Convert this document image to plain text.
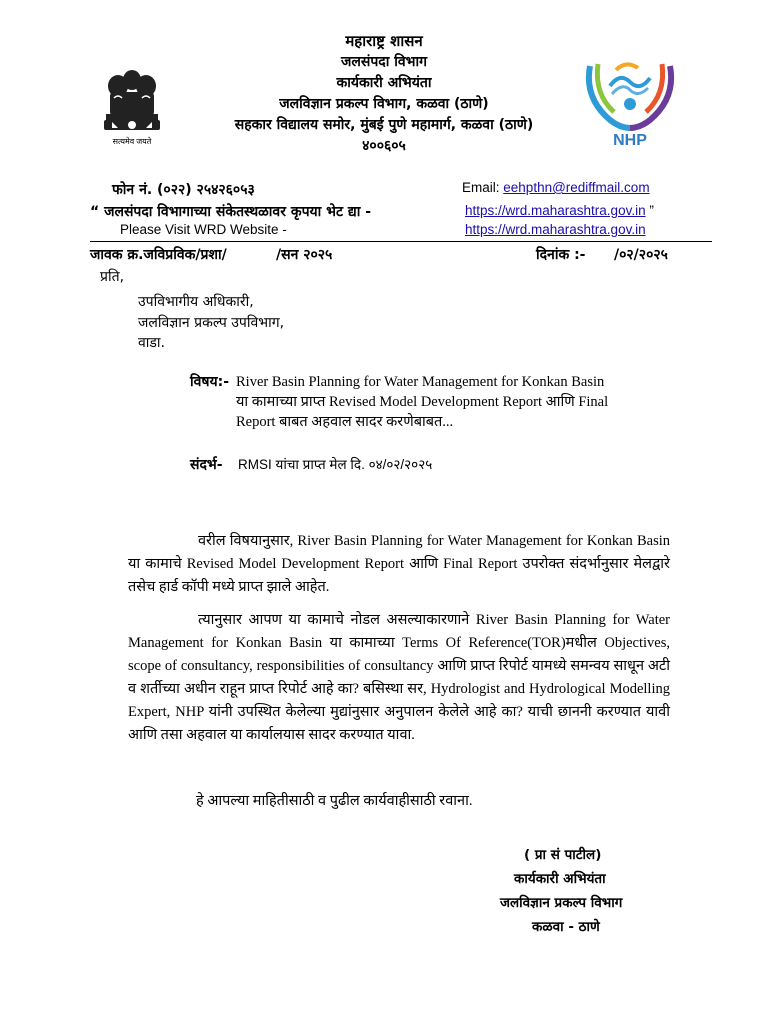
सत्यमेव जयते	NHP
महाराष्ट्र शासन
जलसंपदा विभाग
कार्यकारी अभियंता
जलविज्ञान प्रकल्प विभाग, कळवा (ठाणे)
सहकार विद्यालय समोर, मुंबई पुणे महामार्ग, कळवा (ठाणे)
४००६०५
फोन नं. (०२२) २५४२६०५३	Email: eehpthn@rediffmail.com
“ जलसंपदा विभागाच्या संकेतस्थळावर कृपया भेट द्या -	https://wrd.maharashtra.gov.in ”
Please Visit WRD Website -	https://wrd.maharashtra.gov.in
जावक क्र.जविप्रविक/प्रशा/	/सन २०२५	दिनांक :- /०२/२०२५
प्रति,
उपविभागीय अधिकारी,
जलविज्ञान प्रकल्प उपविभाग,
वाडा.
विषय:- River Basin Planning for Water Management for Konkan Basin
या कामाच्या प्राप्त Revised Model Development Report आणि Final
Report बाबत अहवाल सादर करणेबाबत...
संदर्भ- RMSI यांचा प्राप्त मेल दि. ०४/०२/२०२५

वरील विषयानुसार, River Basin Planning for Water Management for Konkan Basin या कामाचे Revised Model Development Report आणि Final Report उपरोक्त संदर्भानुसार मेलद्वारे तसेच हार्ड कॉपी मध्ये प्राप्त झाले आहेत.

त्यानुसार आपण या कामाचे नोडल असल्याकारणाने River Basin Planning for Water Management for Konkan Basin या कामाच्या Terms Of Reference(TOR)मधील Objectives, scope of consultancy, responsibilities of consultancy आणि प्राप्त रिपोर्ट यामध्ये समन्वय साधून अटी व शर्तीच्या अधीन राहून प्राप्त रिपोर्ट आहे का? बसिस्था सर, Hydrologist and Hydrological Modelling Expert, NHP यांनी उपस्थित केलेल्या मुद्यांनुसार अनुपालन केलेले आहे का? याची छाननी करण्यात यावी आणि तसा अहवाल या कार्यालयास सादर करण्यात यावा.

हे आपल्या माहितीसाठी व पुढील कार्यवाहीसाठी रवाना.
( प्रा सं पाटील)
कार्यकारी अभियंता
जलविज्ञान प्रकल्प विभाग
कळवा - ठाणे
